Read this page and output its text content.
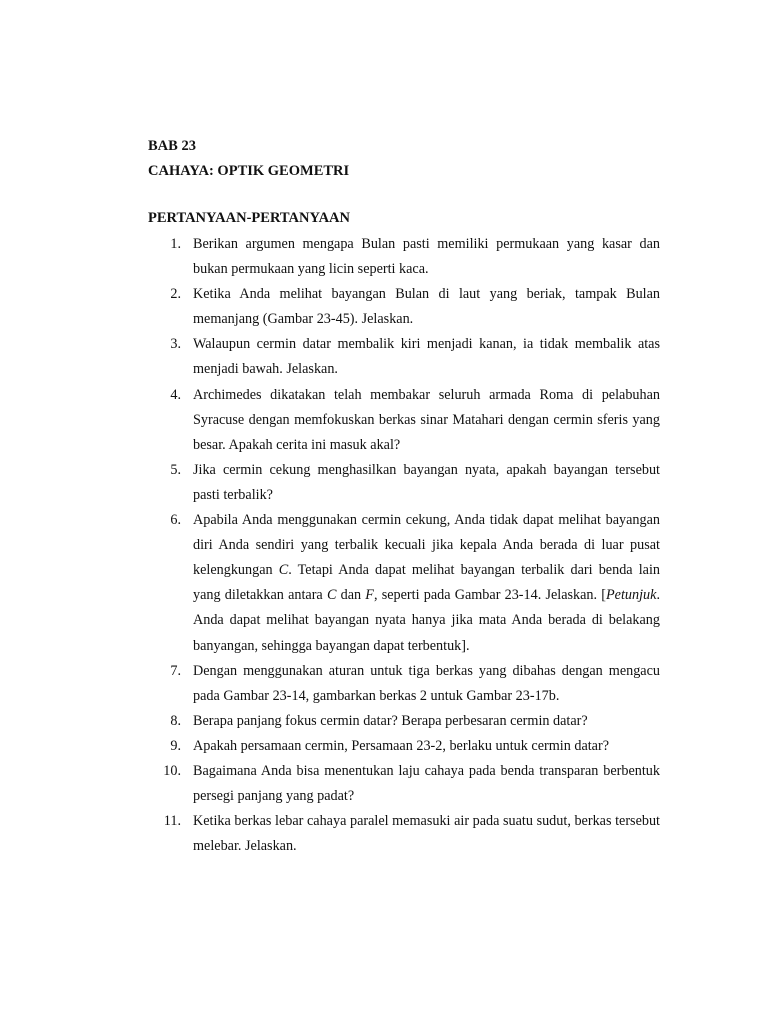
BAB 23

CAHAYA: OPTIK GEOMETRI

PERTANYAAN-PERTANYAAN

1. Berikan argumen mengapa Bulan pasti memiliki permukaan yang kasar dan bukan permukaan yang licin seperti kaca.
2. Ketika Anda melihat bayangan Bulan di laut yang beriak, tampak Bulan memanjang (Gambar 23-45). Jelaskan.
3. Walaupun cermin datar membalik kiri menjadi kanan, ia tidak membalik atas menjadi bawah. Jelaskan.
4. Archimedes dikatakan telah membakar seluruh armada Roma di pelabuhan Syracuse dengan memfokuskan berkas sinar Matahari dengan cermin sferis yang besar. Apakah cerita ini masuk akal?
5. Jika cermin cekung menghasilkan bayangan nyata, apakah bayangan tersebut pasti terbalik?
6. Apabila Anda menggunakan cermin cekung, Anda tidak dapat melihat bayangan diri Anda sendiri yang terbalik kecuali jika kepala Anda berada di luar pusat kelengkungan C. Tetapi Anda dapat melihat bayangan terbalik dari benda lain yang diletakkan antara C dan F, seperti pada Gambar 23-14. Jelaskan. [Petunjuk. Anda dapat melihat bayangan nyata hanya jika mata Anda berada di belakang banyangan, sehingga bayangan dapat terbentuk].
7. Dengan menggunakan aturan untuk tiga berkas yang dibahas dengan mengacu pada Gambar 23-14, gambarkan berkas 2 untuk Gambar 23-17b.
8. Berapa panjang fokus cermin datar? Berapa perbesaran cermin datar?
9. Apakah persamaan cermin, Persamaan 23-2, berlaku untuk cermin datar?
10. Bagaimana Anda bisa menentukan laju cahaya pada benda transparan berbentuk persegi panjang yang padat?
11. Ketika berkas lebar cahaya paralel memasuki air pada suatu sudut, berkas tersebut melebar. Jelaskan.
